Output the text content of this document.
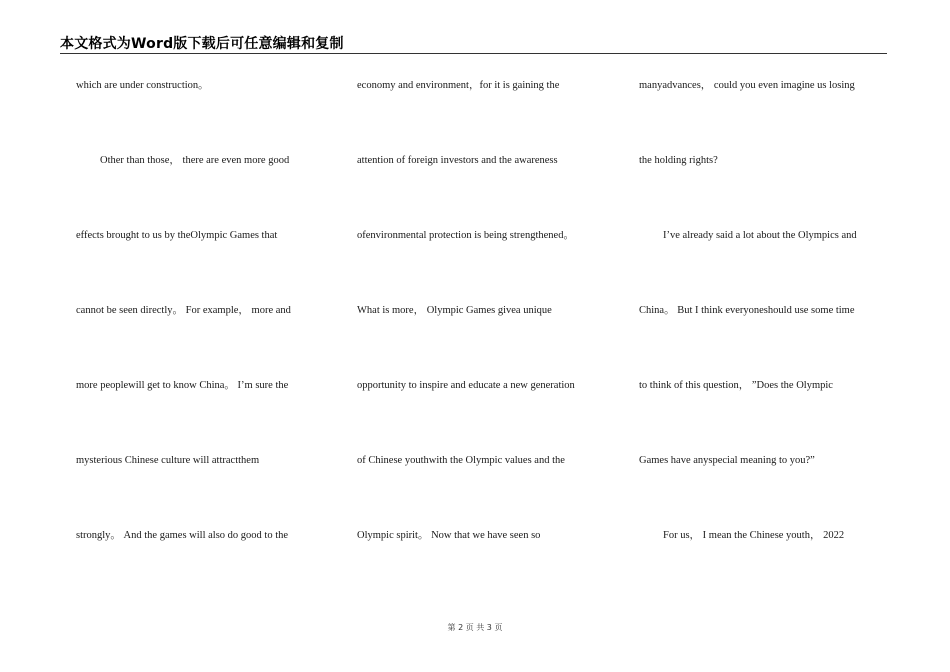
本文格式为Word版下载后可任意编辑和复制
which are under construction。
Other than those， there are even more good
effects brought to us by theOlympic Games that
cannot be seen directly。 For example， more and
more peoplewill get to know China。 I’m sure the
mysterious Chinese culture will attractthem
strongly。 And the games will also do good to the
economy and environment，for it is gaining the
attention of foreign investors and the awareness
ofenvironmental protection is being strengthened。
What is more， Olympic Games givea unique
opportunity to inspire and educate a new generation
of Chinese youthwith the Olympic values and the
Olympic spirit。 Now that we have seen so
manyadvances， could you even imagine us losing
the holding rights?
I’ve already said a lot about the Olympics and
China。 But I think everyoneshould use some time
to think of this question， ”Does the Olympic
Games have anyspecial meaning to you?”
For us， I mean the Chinese youth， 2022
第 2 页 共 3 页
